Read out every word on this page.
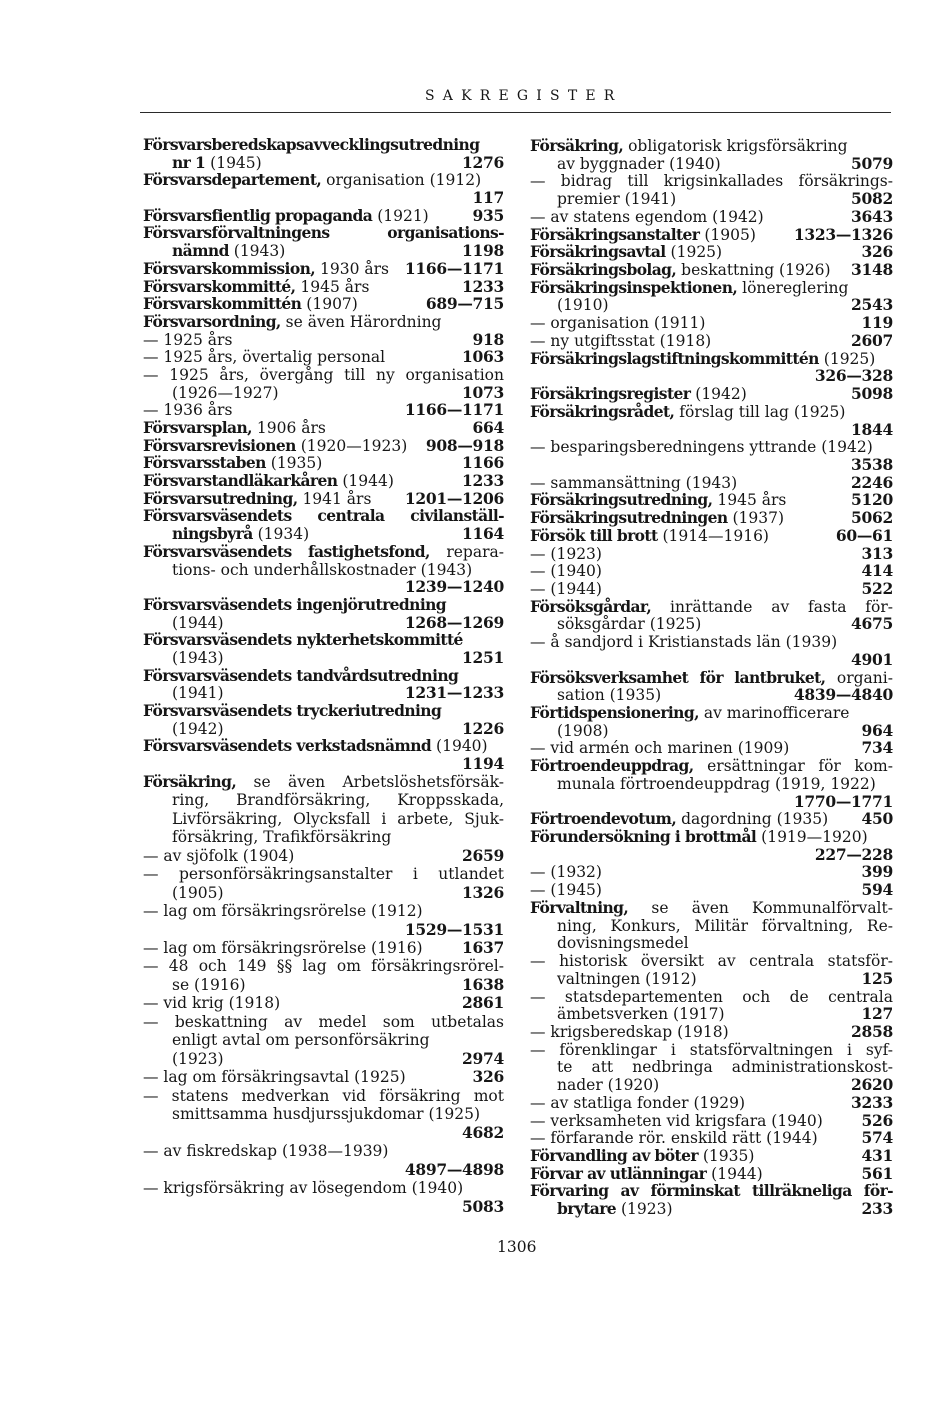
SAKREGISTER
Försvarsberedskapsavvecklingsutredning
nr 1 (1945)	1276
Försvarsdepartement, organisation (1912)
117
Försvarsfientlig propaganda (1921)	935
Försvarsförvaltningens organisations-
nämnd (1943)	1198
Försvarskommission, 1930 års	1166—1171
Försvarskommitté, 1945 års	1233
Försvarskommittén (1907)	689—715
Försvarsordning, se även Härordning
— 1925 års	918
— 1925 års, övertalig personal	1063
— 1925 års, övergång till ny organisation
(1926—1927)	1073
— 1936 års	1166—1171
Försvarsplan, 1906 års	664
Försvarsrevisionen (1920—1923)	908—918
Försvarsstaben (1935)	1166
Försvarstandläkarkåren (1944)	1233
Försvarsutredning, 1941 års	1201—1206
Försvarsväsendets centrala civilanställ-
ningsbyrå (1934)	1164
Försvarsväsendets fastighetsfond, repara-
tions- och underhållskostnader (1943)
1239—1240
Försvarsväsendets ingenjörutredning
(1944)	1268—1269
Försvarsväsendets nykterhetskommitté
(1943)	1251
Försvarsväsendets tandvårdsutredning
(1941)	1231—1233
Försvarsväsendets tryckeriutredning
(1942)	1226
Försvarsväsendets verkstadsnämnd (1940)
1194
Försäkring, se även Arbetslöshetsförsäk-
ring, Brandförsäkring, Kroppsskada,
Livförsäkring, Olycksfall i arbete, Sjuk-
försäkring, Trafikförsäkring
— av sjöfolk (1904)	2659
— personförsäkringsanstalter i utlandet
(1905)	1326
— lag om försäkringsrörelse (1912)
1529—1531
— lag om försäkringsrörelse (1916)	1637
— 48 och 149 §§ lag om försäkringsrörel-
se (1916)	1638
— vid krig (1918)	2861
— beskattning av medel som utbetalas
enligt avtal om personförsäkring
(1923)	2974
— lag om försäkringsavtal (1925)	326
— statens medverkan vid försäkring mot
smittsamma husdjurssjukdomar (1925)
4682
— av fiskredskap (1938—1939)
4897—4898
— krigsförsäkring av lösegendom (1940)
5083
Försäkring, obligatorisk krigsförsäkring
av byggnader (1940)	5079
— bidrag till krigsinkallades försäkrings-
premier (1941)	5082
— av statens egendom (1942)	3643
Försäkringsanstalter (1905)	1323—1326
Försäkringsavtal (1925)	326
Försäkringsbolag, beskattning (1926)	3148
Försäkringsinspektionen, lönereglering
(1910)	2543
— organisation (1911)	119
— ny utgiftsstat (1918)	2607
Försäkringslagstiftningskommittén (1925)
326—328
Försäkringsregister (1942)	5098
Försäkringsrådet, förslag till lag (1925)
1844
— besparingsberedningens yttrande (1942)
3538
— sammansättning (1943)	2246
Försäkringsutredning, 1945 års	5120
Försäkringsutredningen (1937)	5062
Försök till brott (1914—1916)	60—61
— (1923)	313
— (1940)	414
— (1944)	522
Försöksgårdar, inrättande av fasta för-
söksgårdar (1925)	4675
— å sandjord i Kristianstads län (1939)
4901
Försöksverksamhet för lantbruket, organi-
sation (1935)	4839—4840
Förtidspensionering, av marinofficerare
(1908)	964
— vid armén och marinen (1909)	734
Förtroendeuppdrag, ersättningar för kom-
munala förtroendeuppdrag (1919, 1922)
1770—1771
Förtroendevotum, dagordning (1935)	450
Förundersökning i brottmål (1919—1920)
227—228
— (1932)	399
— (1945)	594
Förvaltning, se även Kommunalförvalt-
ning, Konkurs, Militär förvaltning, Re-
dovisningsmedel
— historisk översikt av centrala statsför-
valtningen (1912)	125
— statsdepartementen och de centrala
ämbetsverken (1917)	127
— krigsberedskap (1918)	2858
— förenklingar i statsförvaltningen i syf-
te att nedbringa administrationskost-
nader (1920)	2620
— av statliga fonder (1929)	3233
— verksamheten vid krigsfara (1940)	526
— förfarande rör. enskild rätt (1944)	574
Förvandling av böter (1935)	431
Förvar av utlänningar (1944)	561
Förvaring av förminskat tillräkneliga för-
brytare (1923)	233
1306
